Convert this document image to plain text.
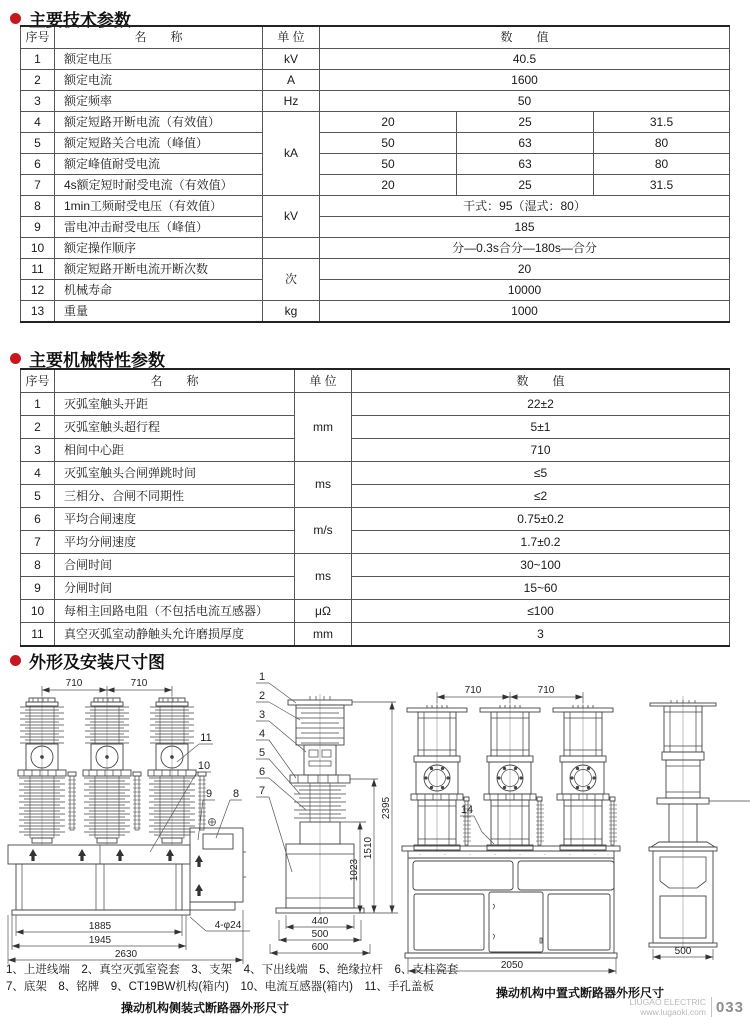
主要技术参数
序号	名　　称	单 位	数　　值		
1	额定电压	kV	40.5		
2	额定电流	A	1600		
3	额定频率	Hz	50		
4	额定短路开断电流（有效值）	kA	20	25	31.5
5	额定短路关合电流（峰值）		50	63	80
6	额定峰值耐受电流		50	63	80
7	4s额定短时耐受电流（有效值）		20	25	31.5
8	1min工频耐受电压（有效值）	kV	干式：95（湿式：80）		
9	雷电冲击耐受电压（峰值）		185		
10	额定操作顺序		分—0.3s合分—180s—合分		
11	额定短路开断电流开断次数	次	20		
12	机械寿命		10000		
13	重量	kg	1000		
主要机械特性参数
序号	名　　称	单 位	数　　值
1	灭弧室触头开距	mm	22±2
2	灭弧室触头超行程		5±1
3	相间中心距		710
4	灭弧室触头合闸弹跳时间	ms	≤5
5	三相分、合闸不同期性		≤2
6	平均合闸速度	m/s	0.75±0.2
7	平均分闸速度		1.7±0.2
8	合闸时间	ms	30~100
9	分闸时间		15~60
10	每相主回路电阻（不包括电流互感器）	μΩ	≤100
11	真空灭弧室动静触头允许磨损厚度	mm	3
外形及安装尺寸图
710	710
11
10
9 8
4-φ24
1885
1945
2630
1
2
3
4
5
6
7
2395
1510
1023
440
500
600
710	710
14
2050
500
1、上进线端　2、真空灭弧室瓷套　3、支架　4、下出线端　5、绝缘拉杆　6、支柱瓷套
7、底架　8、铭牌　9、CT19BW机构(箱内)　10、电流互感器(箱内)　11、手孔盖板
操动机构侧装式断路器外形尺寸
操动机构中置式断路器外形尺寸
LIUGAO ELECTRIC
www.lugaoki.com 033
